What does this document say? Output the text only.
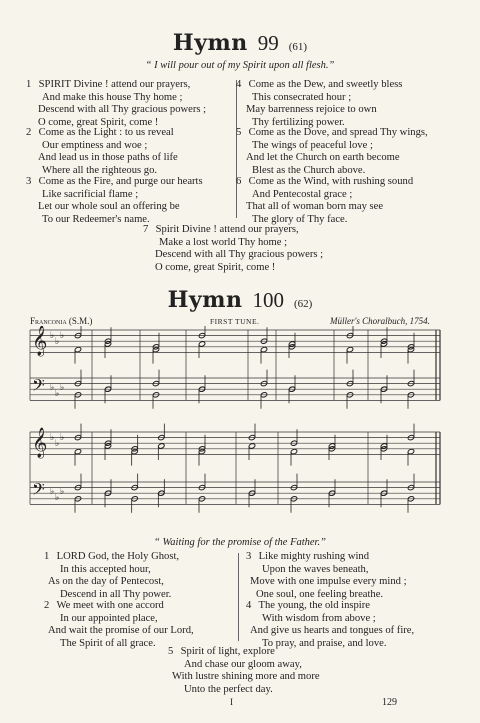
Hymn 99 (61)
“ I will pour out of my Spirit upon all flesh.”
1 SPIRIT Divine ! attend our prayers,
And make this house Thy home ;
Descend with all Thy gracious powers ;
O come, great Spirit, come !
2 Come as the Light : to us reveal
Our emptiness and woe ;
And lead us in those paths of life
Where all the righteous go.
3 Come as the Fire, and purge our hearts
Like sacrificial flame ;
Let our whole soul an offering be
To our Redeemer's name.
4 Come as the Dew, and sweetly bless
This consecrated hour ;
May barrenness rejoice to own
Thy fertilizing power.
5 Come as the Dove, and spread Thy wings,
The wings of peaceful love ;
And let the Church on earth become
Blest as the Church above.
6 Come as the Wind, with rushing sound
And Pentecostal grace ;
That all of woman born may see
The glory of Thy face.
7 Spirit Divine ! attend our prayers,
Make a lost world Thy home ;
Descend with all Thy gracious powers ;
O come, great Spirit, come !
Hymn 100 (62)
Franconia (S.M.)	FIRST TUNE.	Müller's Choralbuch, 1754.
𝄞 ♭
♭
♭
𝄢 ♭
♭
♭
𝄞 ♭
♭
♭
𝄢 ♭
♭
♭
“ Waiting for the promise of the Father.”
1 LORD God, the Holy Ghost,
In this accepted hour,
As on the day of Pentecost,
Descend in all Thy power.
2 We meet with one accord
In our appointed place,
And wait the promise of our Lord,
The Spirit of all grace.
3 Like mighty rushing wind
Upon the waves beneath,
Move with one impulse every mind ;
One soul, one feeling breathe.
4 The young, the old inspire
With wisdom from above ;
And give us hearts and tongues of fire,
To pray, and praise, and love.
5 Spirit of light, explore
And chase our gloom away,
With lustre shining more and more
Unto the perfect day.
I	129
